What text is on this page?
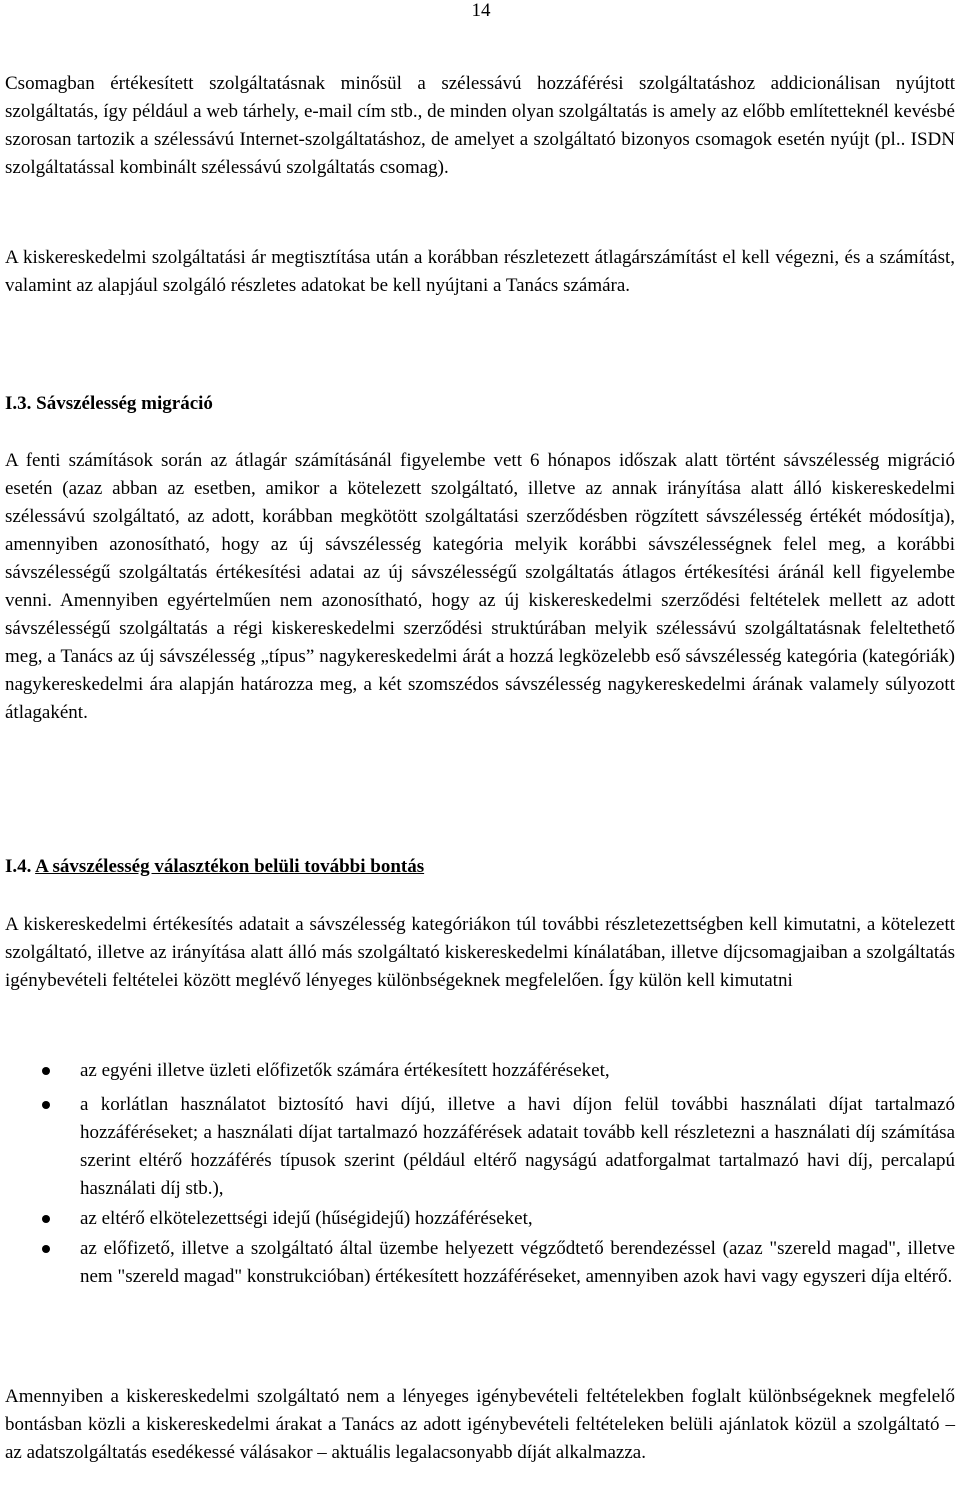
14
Csomagban értékesített szolgáltatásnak minősül a szélessávú hozzáférési szolgáltatáshoz addicionálisan nyújtott szolgáltatás, így például a web tárhely, e-mail cím stb., de minden olyan szolgáltatás is amely az előbb említetteknél kevésbé szorosan tartozik a szélessávú Internet-szolgáltatáshoz, de amelyet a szolgáltató bizonyos csomagok esetén nyújt (pl.. ISDN szolgáltatással kombinált szélessávú szolgáltatás csomag).
A kiskereskedelmi szolgáltatási ár megtisztítása után a korábban részletezett átlagárszámítást el kell végezni, és a számítást, valamint az alapjául szolgáló részletes adatokat be kell nyújtani a Tanács számára.
I.3. Sávszélesség migráció
A fenti számítások során az átlagár számításánál figyelembe vett 6 hónapos időszak alatt történt sávszélesség migráció esetén (azaz abban az esetben, amikor a kötelezett szolgáltató, illetve az annak irányítása alatt álló kiskereskedelmi szélessávú szolgáltató, az adott, korábban megkötött szolgáltatási szerződésben rögzített sávszélesség értékét módosítja), amennyiben azonosítható, hogy az új sávszélesség kategória melyik korábbi sávszélességnek felel meg, a korábbi sávszélességű szolgáltatás értékesítési adatai az új sávszélességű szolgáltatás átlagos értékesítési áránál kell figyelembe venni. Amennyiben egyértelműen nem azonosítható, hogy az új kiskereskedelmi szerződési feltételek mellett az adott sávszélességű szolgáltatás a régi kiskereskedelmi szerződési struktúrában melyik szélessávú szolgáltatásnak feleltethető meg, a Tanács az új sávszélesség „típus” nagykereskedelmi árát a hozzá legközelebb eső sávszélesség kategória (kategóriák) nagykereskedelmi ára alapján határozza meg, a két szomszédos sávszélesség nagykereskedelmi árának valamely súlyozott átlagaként.
I.4. A sávszélesség választékon belüli további bontás
A kiskereskedelmi értékesítés adatait a sávszélesség kategóriákon túl további részletezettségben kell kimutatni, a kötelezett szolgáltató, illetve az irányítása alatt álló más szolgáltató kiskereskedelmi kínálatában, illetve díjcsomagjaiban a szolgáltatás igénybevételi feltételei között meglévő lényeges különbségeknek megfelelően. Így külön kell kimutatni
az egyéni illetve üzleti előfizetők számára értékesített hozzáféréseket,
a korlátlan használatot biztosító havi díjú, illetve a havi díjon felül további használati díjat tartalmazó hozzáféréseket; a használati díjat tartalmazó hozzáférések adatait tovább kell részletezni a használati díj számítása szerint eltérő hozzáférés típusok szerint (például eltérő nagyságú adatforgalmat tartalmazó havi díj, percalapú használati díj stb.),
az eltérő elkötelezettségi idejű (hűségidejű) hozzáféréseket,
az előfizető, illetve a szolgáltató által üzembe helyezett végződtető berendezéssel (azaz "szereld magad", illetve nem "szereld magad" konstrukcióban) értékesített hozzáféréseket, amennyiben azok havi vagy egyszeri díja eltérő.
Amennyiben a kiskereskedelmi szolgáltató nem a lényeges igénybevételi feltételekben foglalt különbségeknek megfelelő bontásban közli a kiskereskedelmi árakat a Tanács az adott igénybevételi feltételeken belüli ajánlatok közül a szolgáltató – az adatszolgáltatás esedékessé válásakor – aktuális legalacsonyabb díját alkalmazza.
